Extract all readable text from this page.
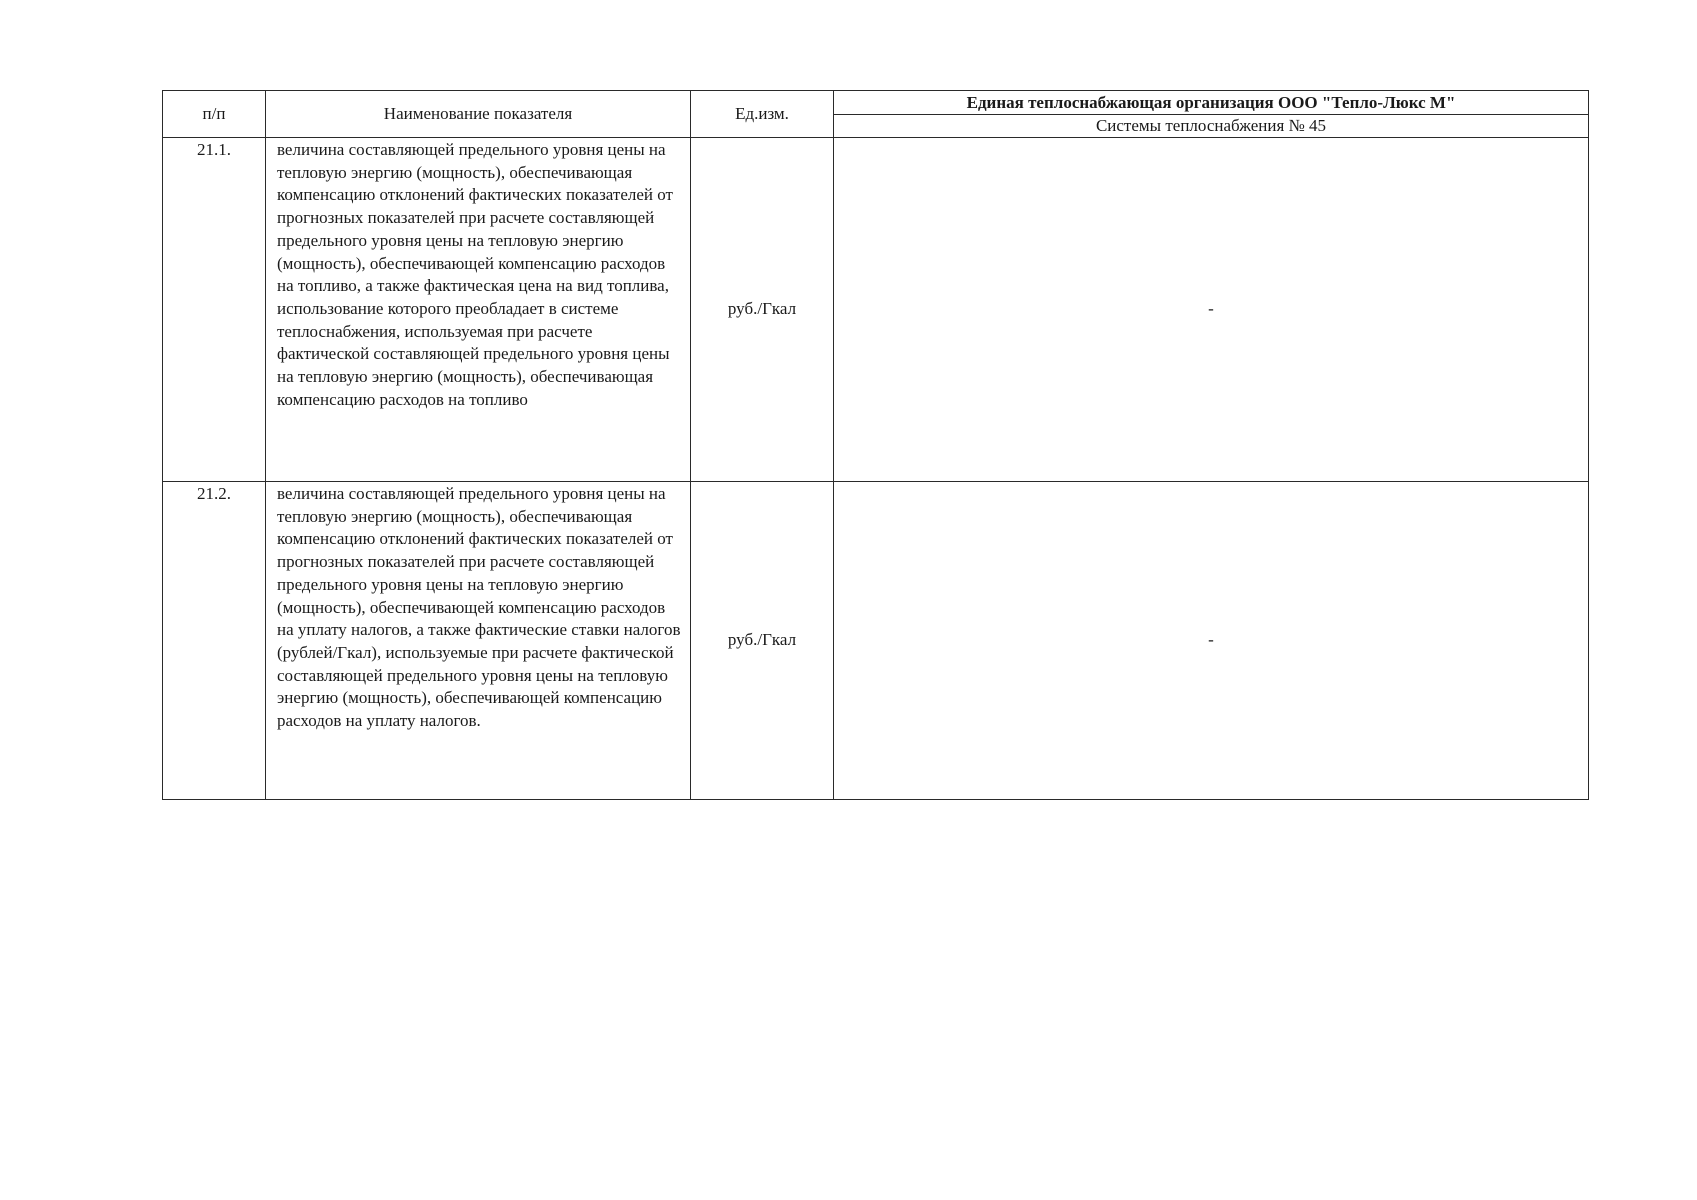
п/п	Наименование показателя	Ед.изм.	Единая теплоснабжающая организация ООО "Тепло-Люкс М"
			Системы теплоснабжения № 45
21.1.	величина составляющей предельного уровня цены на тепловую энергию (мощность), обеспечивающая компенсацию отклонений фактических показателей от прогнозных показателей при расчете составляющей предельного уровня цены на тепловую энергию (мощность), обеспечивающей компенсацию расходов на топливо, а также фактическая цена на вид топлива, использование которого преобладает в системе теплоснабжения, используемая при расчете фактической составляющей предельного уровня цены на тепловую энергию (мощность), обеспечивающая компенсацию расходов на топливо	руб./Гкал	-
21.2.	величина составляющей предельного уровня цены на тепловую энергию (мощность), обеспечивающая компенсацию отклонений фактических показателей от прогнозных показателей при расчете составляющей предельного уровня цены на тепловую энергию (мощность), обеспечивающей компенсацию расходов на уплату налогов, а также фактические ставки налогов (рублей/Гкал), используемые при расчете фактической составляющей предельного уровня цены на тепловую энергию (мощность), обеспечивающей компенсацию расходов на уплату налогов.	руб./Гкал	-
